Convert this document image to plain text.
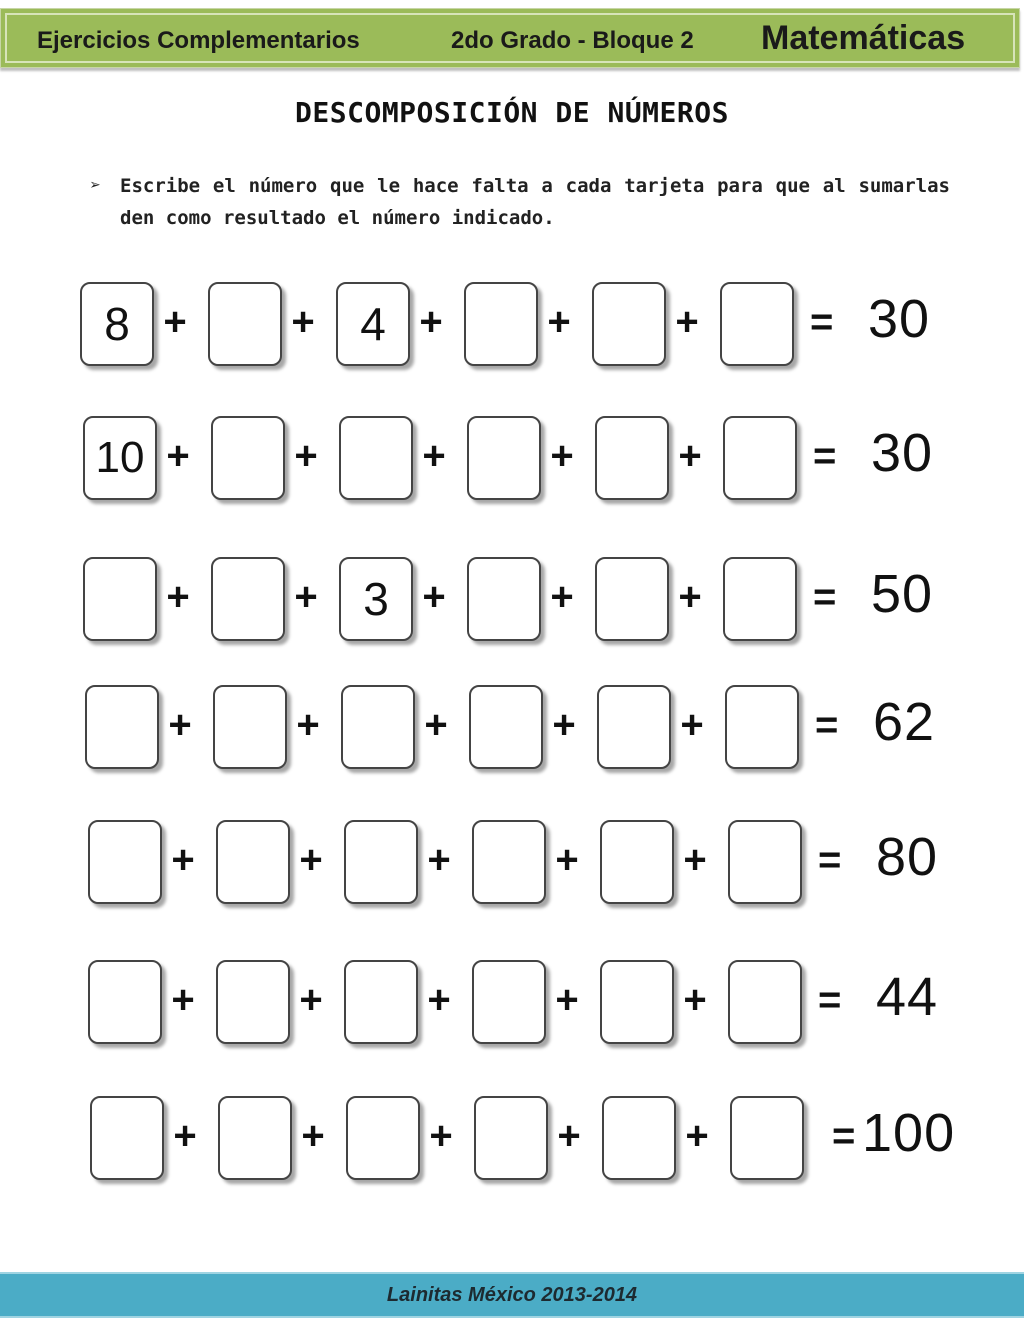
Ejercicios Complementarios	2do Grado - Bloque 2 Matemáticas
DESCOMPOSICIÓN DE NÚMEROS
➢ Escribe el número que le hace falta a cada tarjeta para que al sumarlas den como resultado el número indicado.
8 +	+ 4 +	+	+	= 30
10 +	+	+	+	+	= 30
+	+ 3 +	+	+	= 50
+	+	+	+	+	= 62
+	+	+	+	+	= 80
+	+	+	+	+	= 44
+	+	+	+	+	= 100
Lainitas México 2013-2014
